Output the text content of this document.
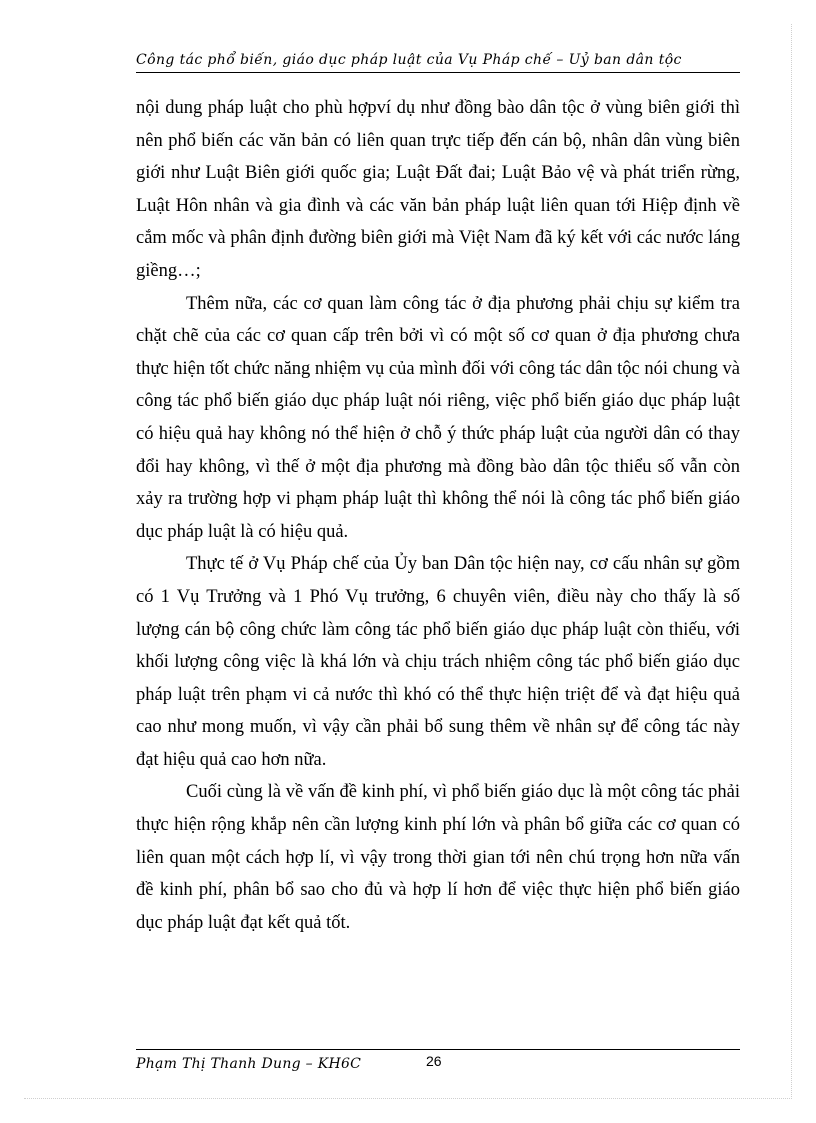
Công tác phổ biến, giáo dục pháp luật của Vụ Pháp chế – Uỷ ban dân tộc

nội dung pháp luật cho phù hợpví dụ như đồng bào dân tộc ở vùng biên giới thì nên phổ biến các văn bản có liên quan trực tiếp đến cán bộ, nhân dân vùng biên giới như Luật Biên giới quốc gia; Luật Đất đai; Luật Bảo vệ và phát triển rừng, Luật Hôn nhân và gia đình và các văn bản pháp luật liên quan tới Hiệp định về cắm mốc và phân định đường biên giới mà Việt Nam đã ký kết với các nước láng giềng…;

Thêm nữa, các cơ quan làm công tác ở địa phương phải chịu sự kiểm tra chặt chẽ của các cơ quan cấp trên bởi vì có một số cơ quan ở địa phương chưa thực hiện tốt chức năng nhiệm vụ của mình đối với công tác dân tộc nói chung và công tác phổ biến giáo dục pháp luật nói riêng, việc phổ biến giáo dục pháp luật có hiệu quả hay không nó thể hiện ở chỗ ý thức pháp luật của người dân có thay đổi hay không, vì thế ở một địa phương mà đồng bào dân tộc thiểu số vẫn còn xảy ra trường hợp vi phạm pháp luật thì không thể nói là công tác phổ biến giáo dục pháp luật là có hiệu quả.

Thực tế ở Vụ Pháp chế của Ủy ban Dân tộc hiện nay, cơ cấu nhân sự gồm có 1 Vụ Trưởng và 1 Phó Vụ trưởng, 6 chuyên viên, điều này cho thấy là số lượng cán bộ công chức làm công tác phổ biến giáo dục pháp luật còn thiếu, với khối lượng công việc là khá lớn và chịu trách nhiệm công tác phổ biến giáo dục pháp luật trên phạm vi cả nước thì khó có thể thực hiện triệt để và đạt hiệu quả cao như mong muốn, vì vậy cần phải bổ sung thêm về nhân sự để công tác này đạt hiệu quả cao hơn nữa.

Cuối cùng là về vấn đề kinh phí, vì phổ biến giáo dục là một công tác phải thực hiện rộng khắp nên cần lượng kinh phí lớn và phân bổ giữa các cơ quan có liên quan một cách hợp lí, vì vậy trong thời gian tới nên chú trọng hơn nữa vấn đề kinh phí, phân bổ sao cho đủ và hợp lí hơn để việc thực hiện phổ biến giáo dục pháp luật đạt kết quả tốt.

Phạm Thị Thanh Dung – KH6C	26
